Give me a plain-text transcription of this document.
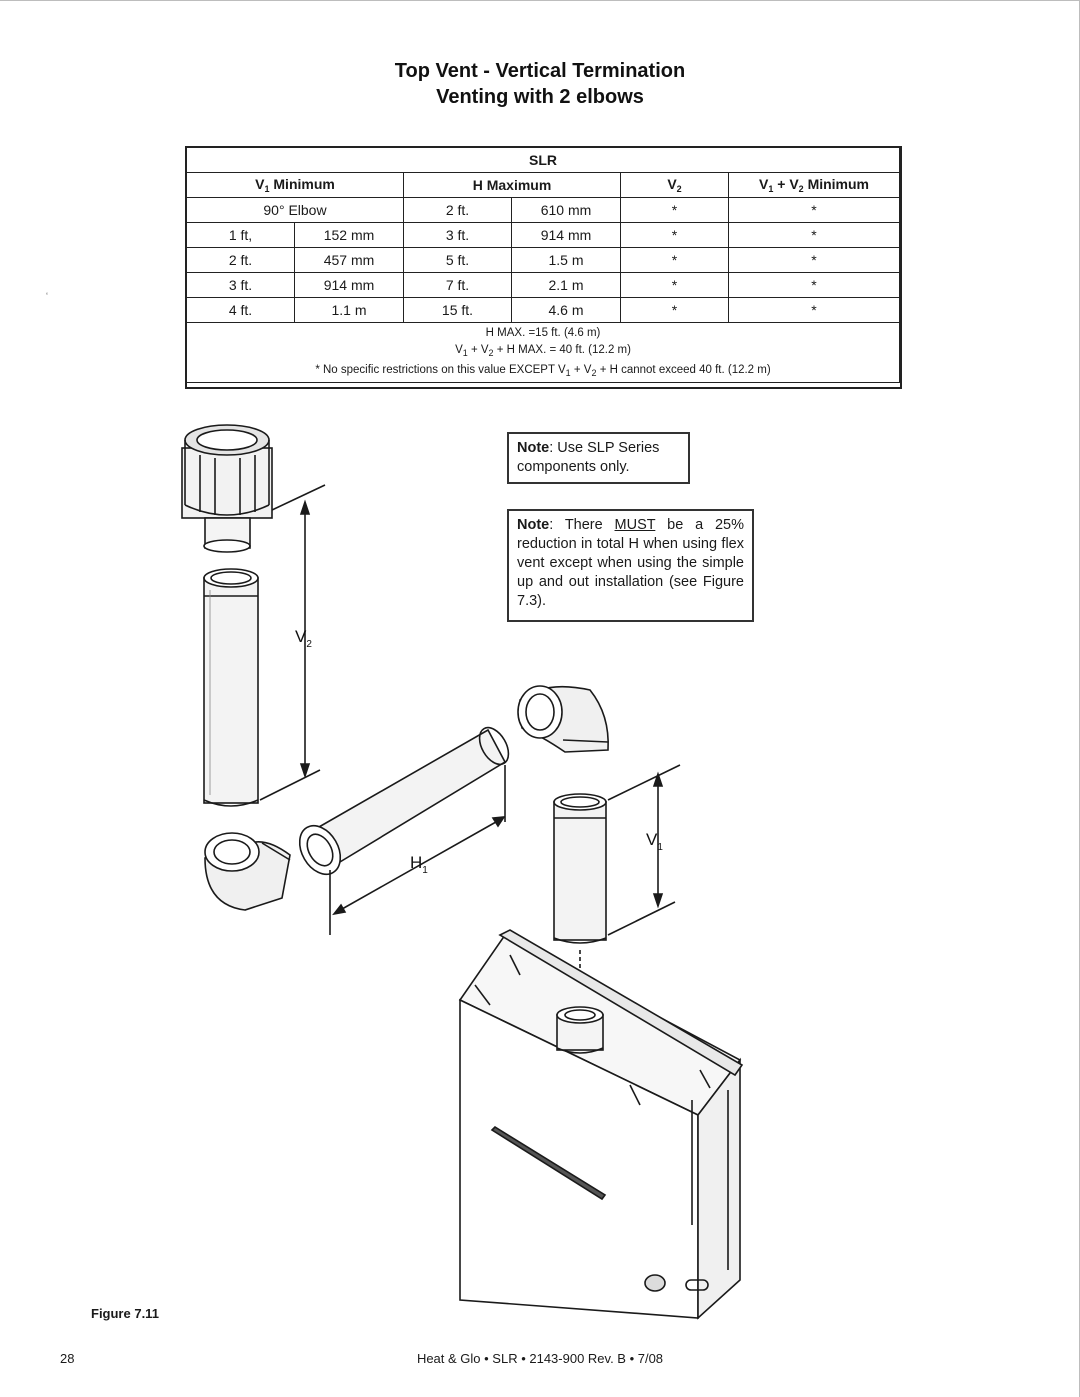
Top Vent - Vertical Termination
Venting with 2 elbows
‘
SLR					
$V_1$ Minimum		H Maximum		$V_2$	$V_1 + V_2$ Minimum
90° Elbow		2 ft.	610 mm	*	*
1 ft,	152 mm	3 ft.	914 mm	*	*
2 ft.	457 mm	5 ft.	1.5 m	*	*
3 ft.	914 mm	7 ft.	2.1 m	*	*
4 ft.	1.1 m	15 ft.	4.6 m	*	*

H MAX. =15 ft. (4.6 m)
$V_1 + V_2 + H$ MAX. = 40 ft. (12.2 m)
* No specific restrictions on this value EXCEPT $V_1 + V_2 + H$ cannot exceed 40 ft. (12.2 m)					
Note: Use SLP Series components only.
Note: There MUST be a 25% reduction in total H when using flex vent except when using the simple up and out installation (see Figure 7.3).
$V_2$
$H_1$
$V_1$
Figure 7.11
28	Heat & Glo • SLR • 2143-900 Rev. B • 7/08
